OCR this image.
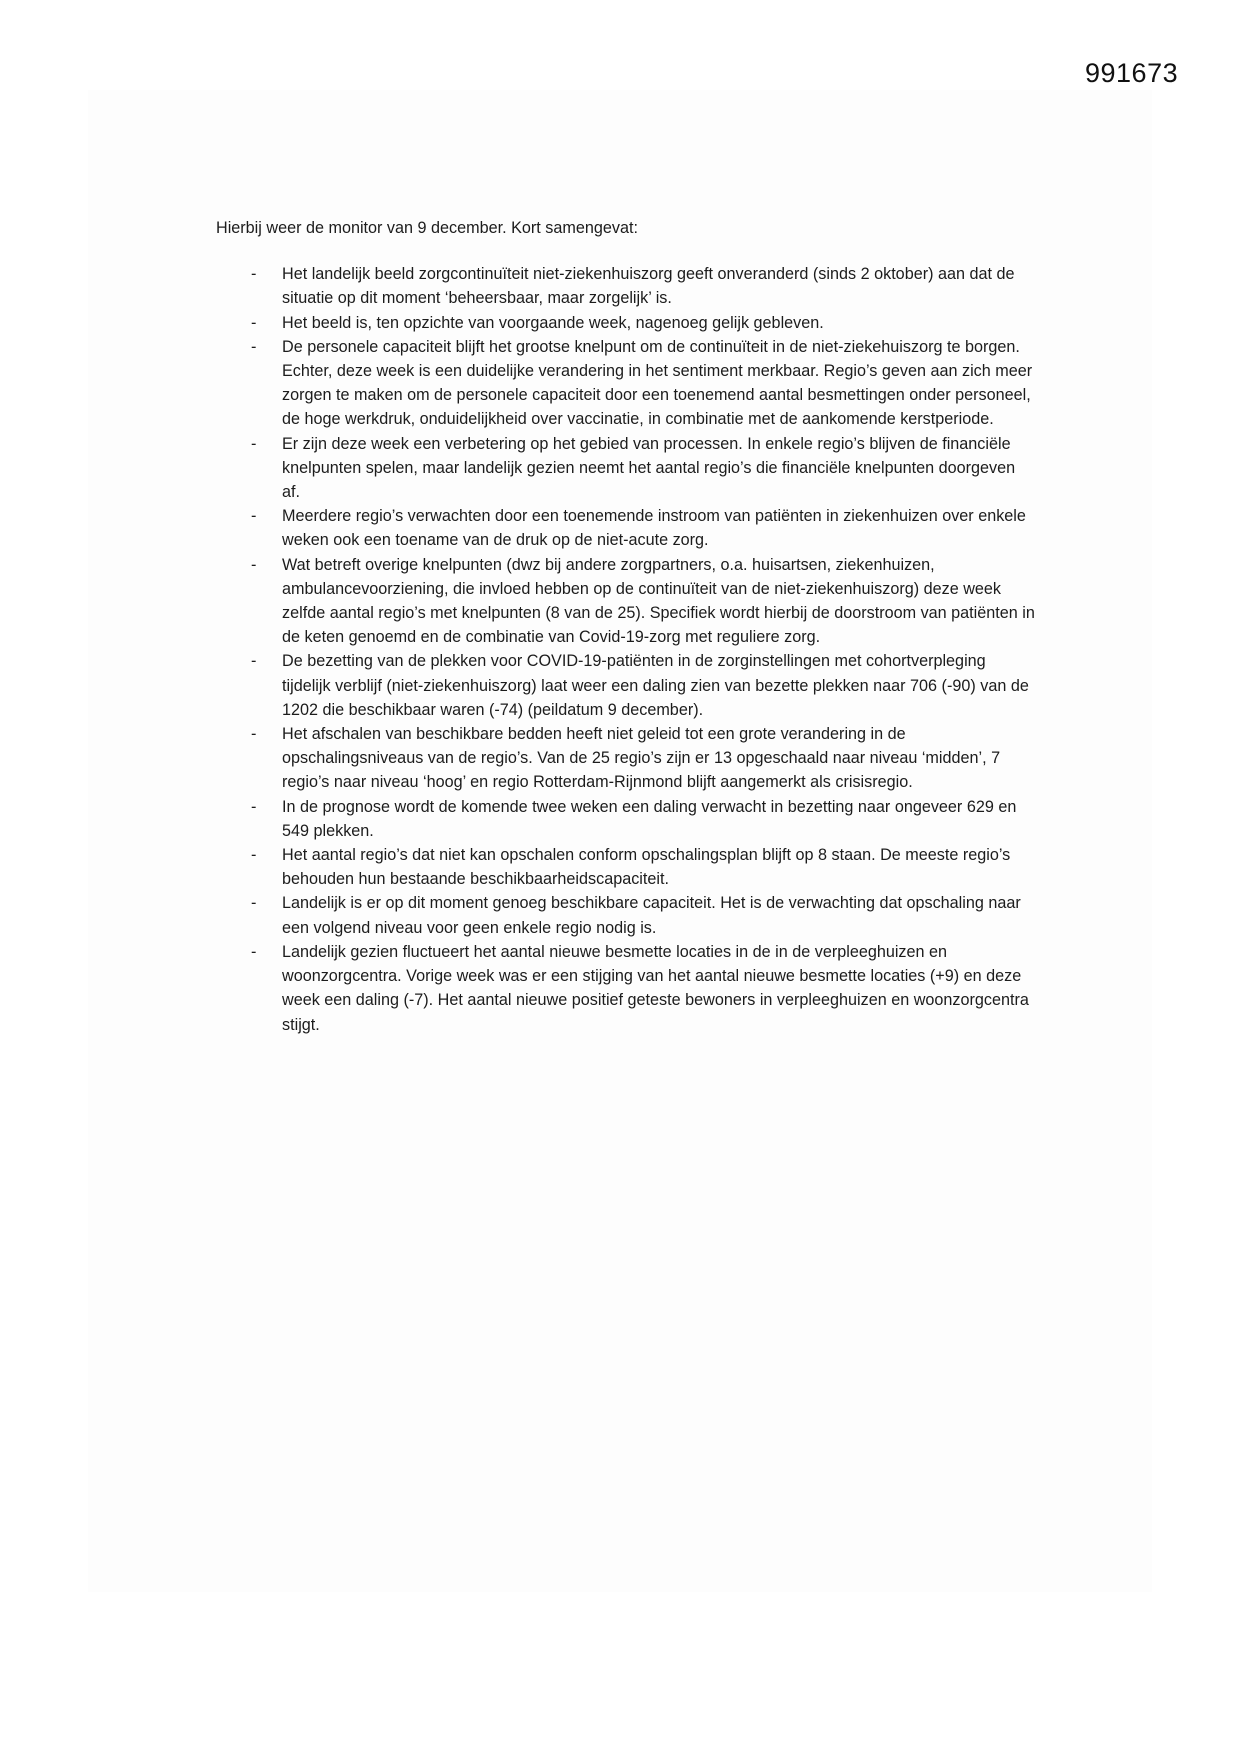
991673

Hierbij weer de monitor van 9 december. Kort samengevat:

-	Het landelijk beeld zorgcontinuïteit niet-ziekenhuiszorg geeft onveranderd (sinds 2 oktober) aan dat de situatie op dit moment ‘beheersbaar, maar zorgelijk’ is.
-	Het beeld is, ten opzichte van voorgaande week, nagenoeg gelijk gebleven.
-	De personele capaciteit blijft het grootse knelpunt om de continuïteit in de niet-ziekehuiszorg te borgen. Echter, deze week is een duidelijke verandering in het sentiment merkbaar. Regio’s geven aan zich meer zorgen te maken om de personele capaciteit door een toenemend aantal besmettingen onder personeel, de hoge werkdruk, onduidelijkheid over vaccinatie, in combinatie met de aankomende kerstperiode.
-	Er zijn deze week een verbetering op het gebied van processen. In enkele regio’s blijven de financiële knelpunten spelen, maar landelijk gezien neemt het aantal regio’s die financiële knelpunten doorgeven af.
-	Meerdere regio’s verwachten door een toenemende instroom van patiënten in ziekenhuizen over enkele weken ook een toename van de druk op de niet-acute zorg.
-	Wat betreft overige knelpunten (dwz bij andere zorgpartners, o.a. huisartsen, ziekenhuizen, ambulancevoorziening, die invloed hebben op de continuïteit van de niet-ziekenhuiszorg) deze week zelfde aantal regio’s met knelpunten (8 van de 25). Specifiek wordt hierbij de doorstroom van patiënten in de keten genoemd en de combinatie van Covid-19-zorg met reguliere zorg.
-	De bezetting van de plekken voor COVID-19-patiënten in de zorginstellingen met cohortverpleging tijdelijk verblijf (niet-ziekenhuiszorg) laat weer een daling zien van bezette plekken naar 706 (-90) van de 1202 die beschikbaar waren (-74) (peildatum 9 december).
-	Het afschalen van beschikbare bedden heeft niet geleid tot een grote verandering in de opschalingsniveaus van de regio’s. Van de 25 regio’s zijn er 13 opgeschaald naar niveau ‘midden’, 7 regio’s naar niveau ‘hoog’ en regio Rotterdam-Rijnmond blijft aangemerkt als crisisregio.
-	In de prognose wordt de komende twee weken een daling verwacht in bezetting naar ongeveer 629 en 549 plekken.
-	Het aantal regio’s dat niet kan opschalen conform opschalingsplan blijft op 8 staan. De meeste regio’s behouden hun bestaande beschikbaarheidscapaciteit.
-	Landelijk is er op dit moment genoeg beschikbare capaciteit. Het is de verwachting dat opschaling naar een volgend niveau voor geen enkele regio nodig is.
-	Landelijk gezien fluctueert het aantal nieuwe besmette locaties in de in de verpleeghuizen en woonzorgcentra. Vorige week was er een stijging van het aantal nieuwe besmette locaties (+9) en deze week een daling (-7). Het aantal nieuwe positief geteste bewoners in verpleeghuizen en woonzorgcentra stijgt.
